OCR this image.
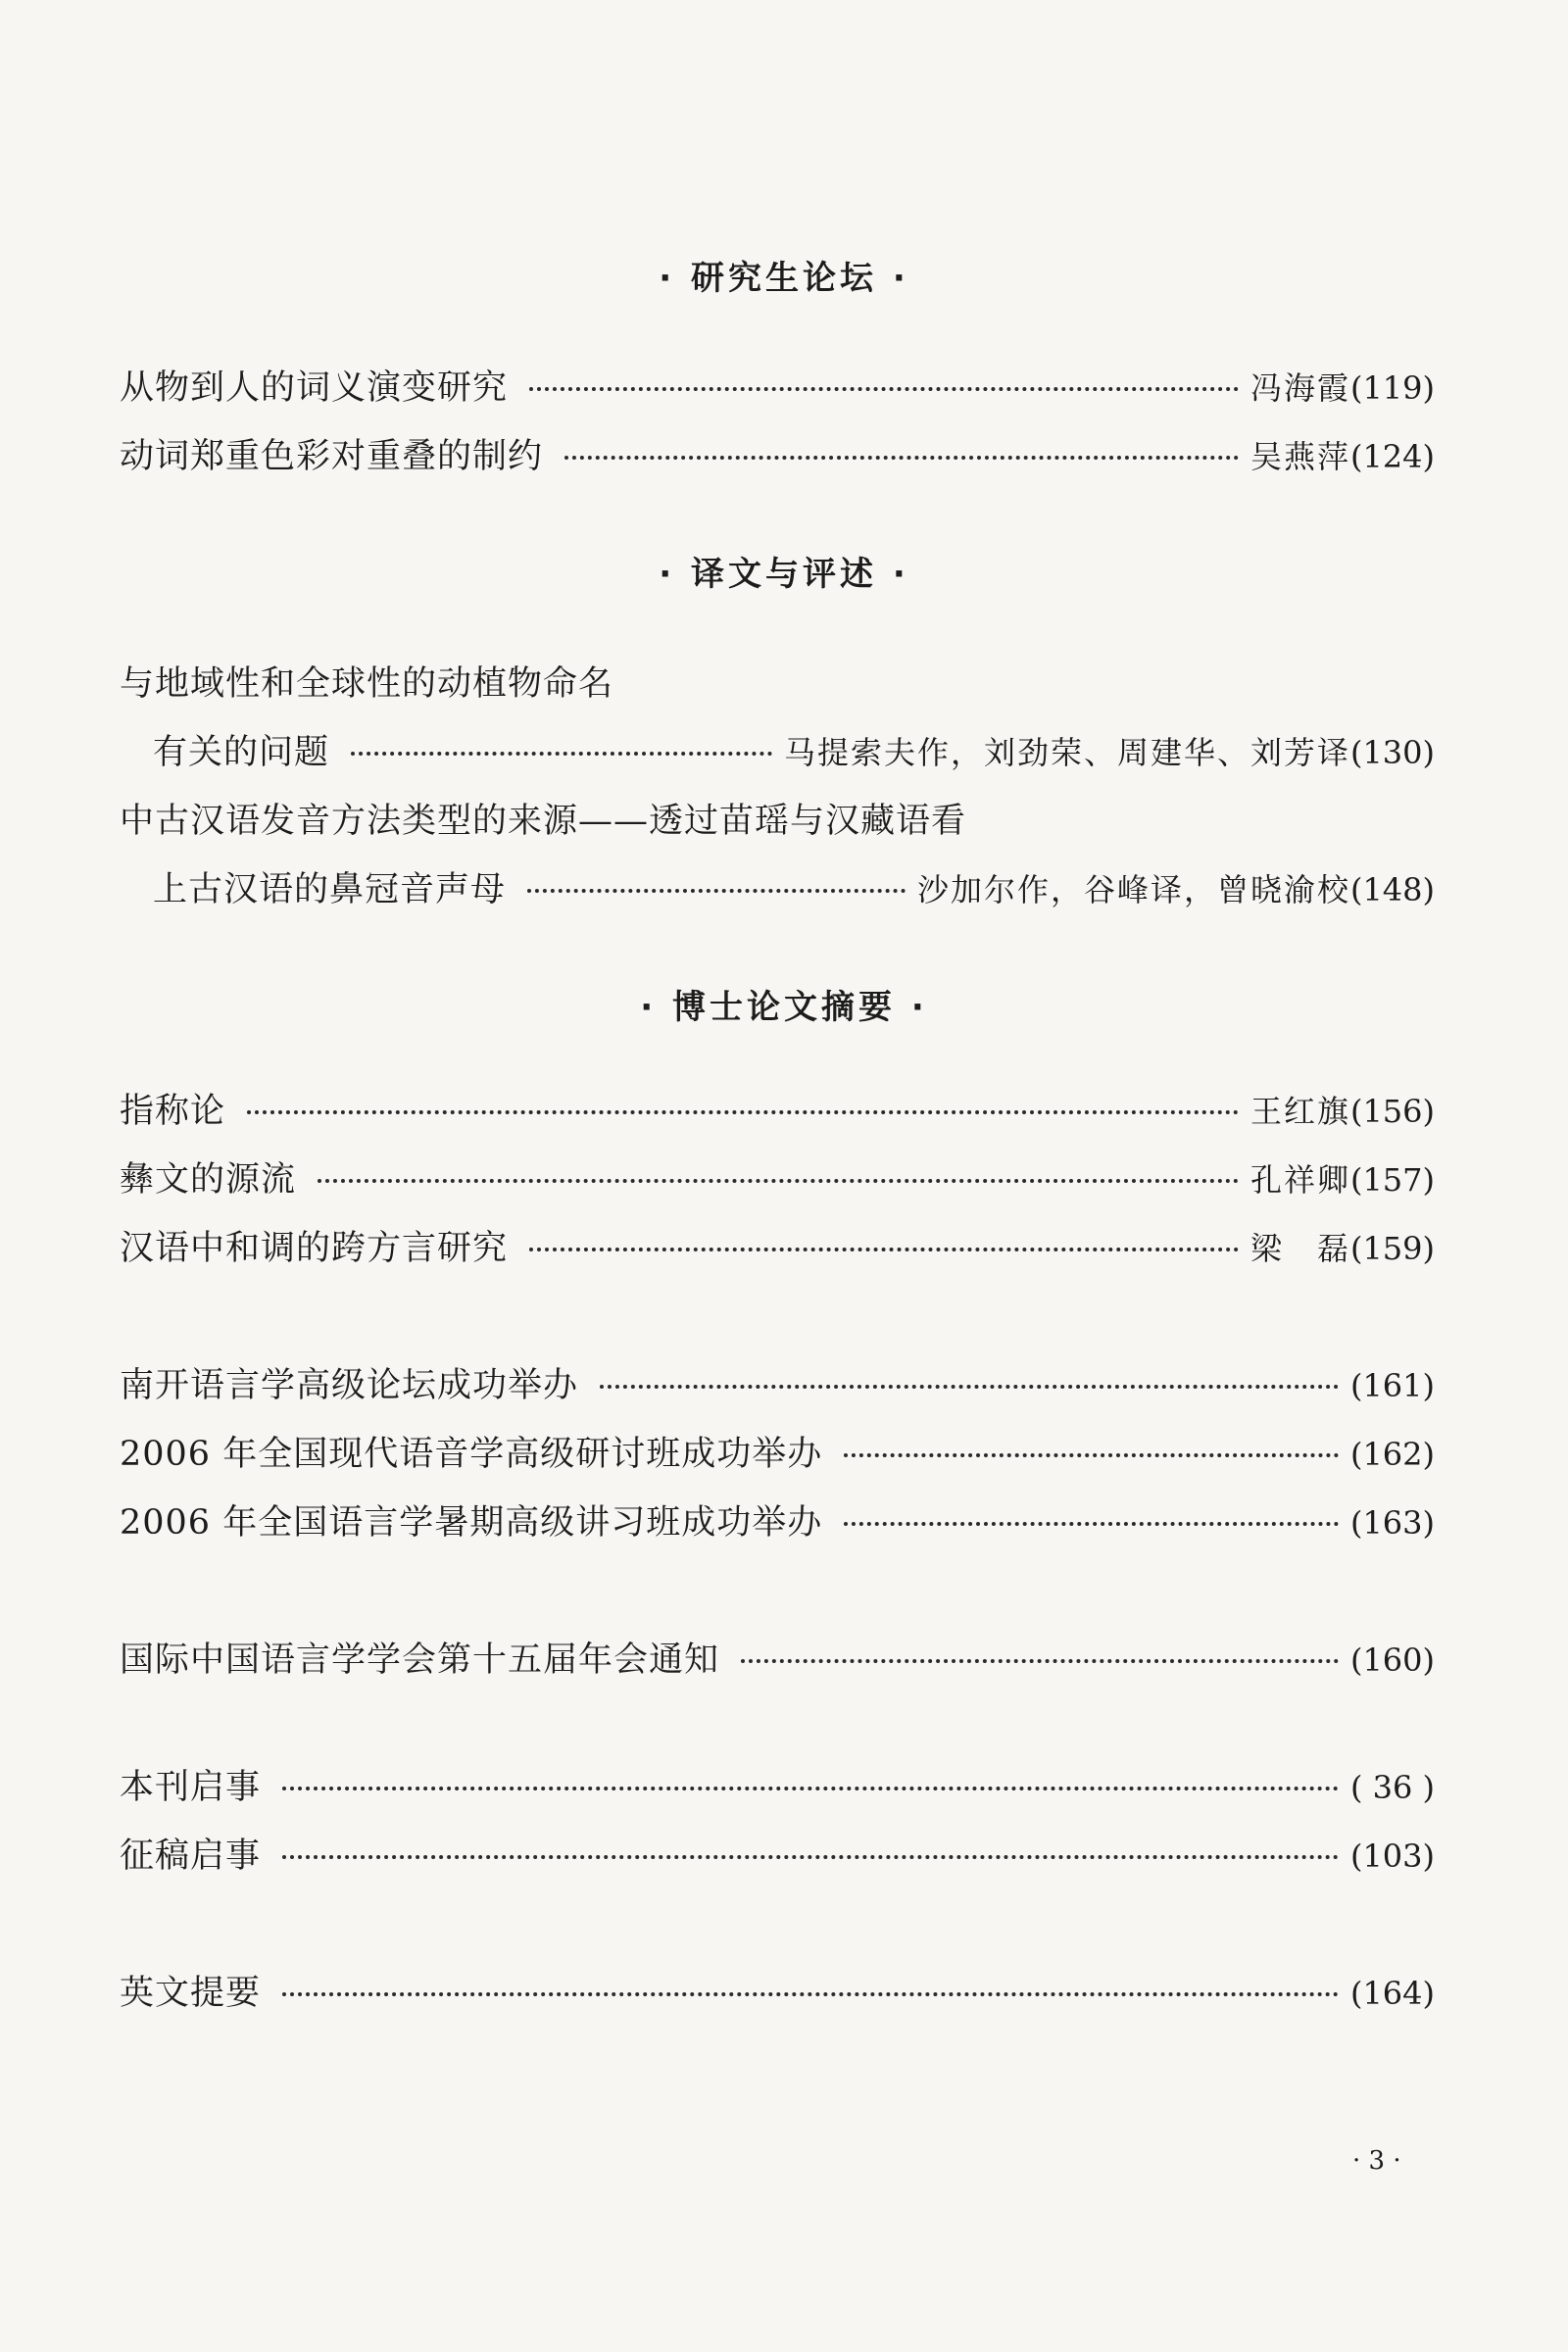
· 研究生论坛 ·
从物到人的词义演变研究	冯海霞 (119)
动词郑重色彩对重叠的制约	吴燕萍 (124)
· 译文与评述 ·
与地域性和全球性的动植物命名
有关的问题	马提索夫作，刘劲荣、周建华、刘芳译 (130)
中古汉语发音方法类型的来源——透过苗瑶与汉藏语看
上古汉语的鼻冠音声母	沙加尔作，谷峰译，曾晓渝校 (148)
· 博士论文摘要 ·
指称论	王红旗 (156)
彝文的源流	孔祥卿 (157)
汉语中和调的跨方言研究	梁　磊 (159)
南开语言学高级论坛成功举办	(161)
2006 年全国现代语音学高级研讨班成功举办	(162)
2006 年全国语言学暑期高级讲习班成功举办	(163)
国际中国语言学学会第十五届年会通知	(160)
本刊启事	( 36 )
征稿启事	(103)
英文提要	(164)
· 3 ·
